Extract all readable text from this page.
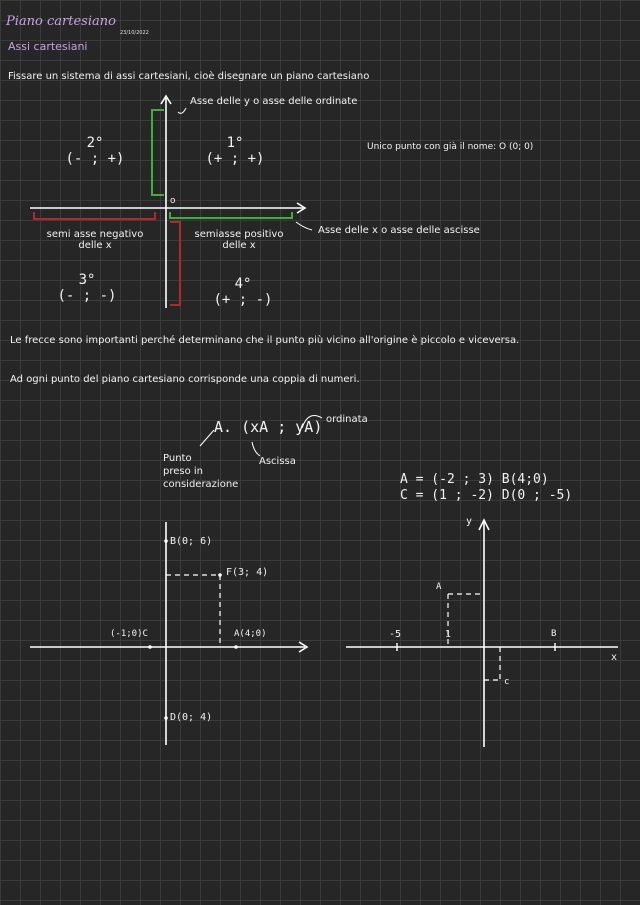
Piano cartesiano
23/10/2022
Assi cartesiani
Fissare un sistema di assi cartesiani, cioè disegnare un piano cartesiano
Asse delle y o asse delle ordinate
Asse delle x o asse delle ascisse
o
Unico punto con già il nome: O (0; 0)
semi asse negativo
delle x
semiasse positivo
delle x
2°
(- ; +)
1°
(+ ; +)
3°
(- ; -)
4°
(+ ; -)
Le frecce sono importanti perché determinano che il punto più vicino all'origine è piccolo e viceversa.
Ad ogni punto del piano cartesiano corrisponde una coppia di numeri.
A. (xA ; yA) ordinata
Ascissa
Punto
preso in
considerazione
B(0; 6)
F(3; 4)
(-1;0)C	A(4;0)
D(0; 4)
A = (-2 ; 3) B(4;0)
C = (1 ; -2) D(0 ; -5)
y
x
A
c
B
-5	1
